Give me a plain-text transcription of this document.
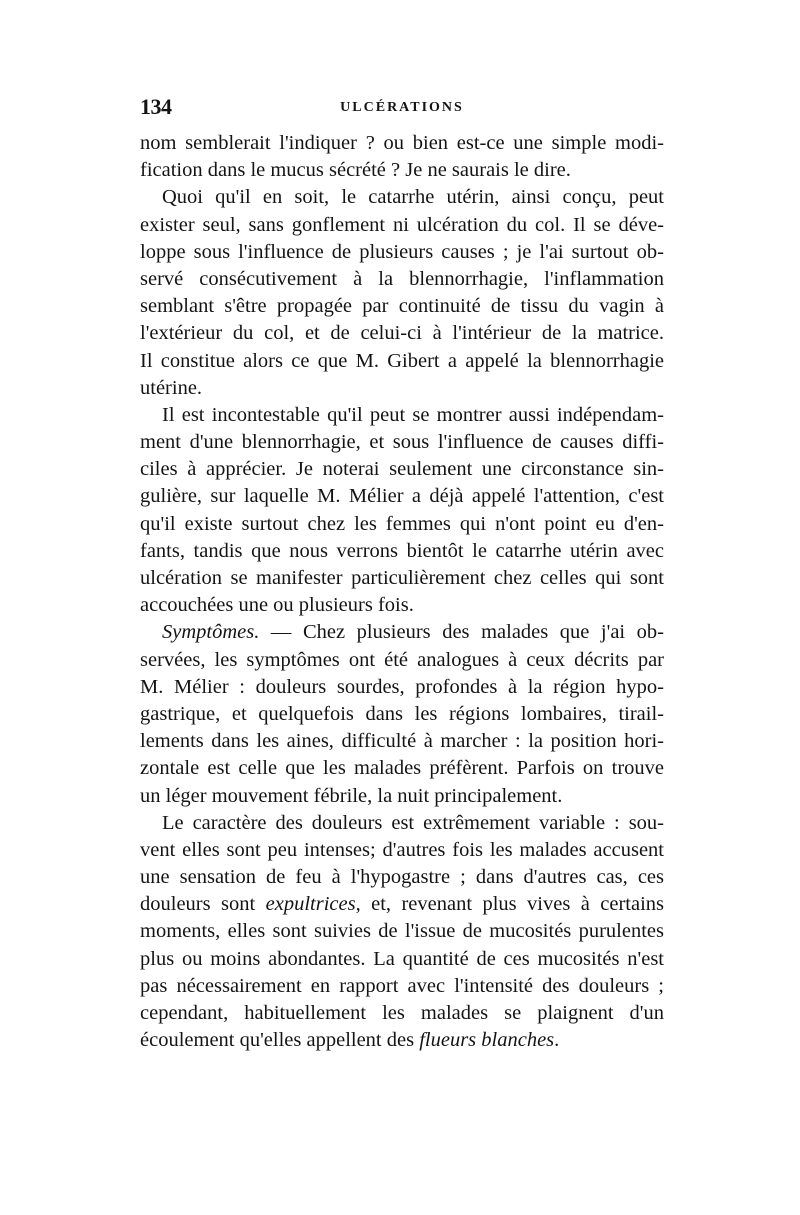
134	ULCÉRATIONS
nom semblerait l'indiquer ? ou bien est-ce une simple modi-
fication dans le mucus sécrété ? Je ne saurais le dire.
Quoi qu'il en soit, le catarrhe utérin, ainsi conçu, peut
exister seul, sans gonflement ni ulcération du col. Il se déve-
loppe sous l'influence de plusieurs causes ; je l'ai surtout ob-
servé consécutivement à la blennorrhagie, l'inflammation
semblant s'être propagée par continuité de tissu du vagin à
l'extérieur du col, et de celui-ci à l'intérieur de la matrice.
Il constitue alors ce que M. Gibert a appelé la blennorrhagie
utérine.
Il est incontestable qu'il peut se montrer aussi indépendam-
ment d'une blennorrhagie, et sous l'influence de causes diffi-
ciles à apprécier. Je noterai seulement une circonstance sin-
gulière, sur laquelle M. Mélier a déjà appelé l'attention, c'est
qu'il existe surtout chez les femmes qui n'ont point eu d'en-
fants, tandis que nous verrons bientôt le catarrhe utérin avec
ulcération se manifester particulièrement chez celles qui sont
accouchées une ou plusieurs fois.
Symptômes. — Chez plusieurs des malades que j'ai ob-
servées, les symptômes ont été analogues à ceux décrits par
M. Mélier : douleurs sourdes, profondes à la région hypo-
gastrique, et quelquefois dans les régions lombaires, tirail-
lements dans les aines, difficulté à marcher : la position hori-
zontale est celle que les malades préfèrent. Parfois on trouve
un léger mouvement fébrile, la nuit principalement.
Le caractère des douleurs est extrêmement variable : sou-
vent elles sont peu intenses; d'autres fois les malades accusent
une sensation de feu à l'hypogastre ; dans d'autres cas, ces
douleurs sont expultrices, et, revenant plus vives à certains
moments, elles sont suivies de l'issue de mucosités purulentes
plus ou moins abondantes. La quantité de ces mucosités n'est
pas nécessairement en rapport avec l'intensité des douleurs ;
cependant, habituellement les malades se plaignent d'un
écoulement qu'elles appellent des flueurs blanches.
